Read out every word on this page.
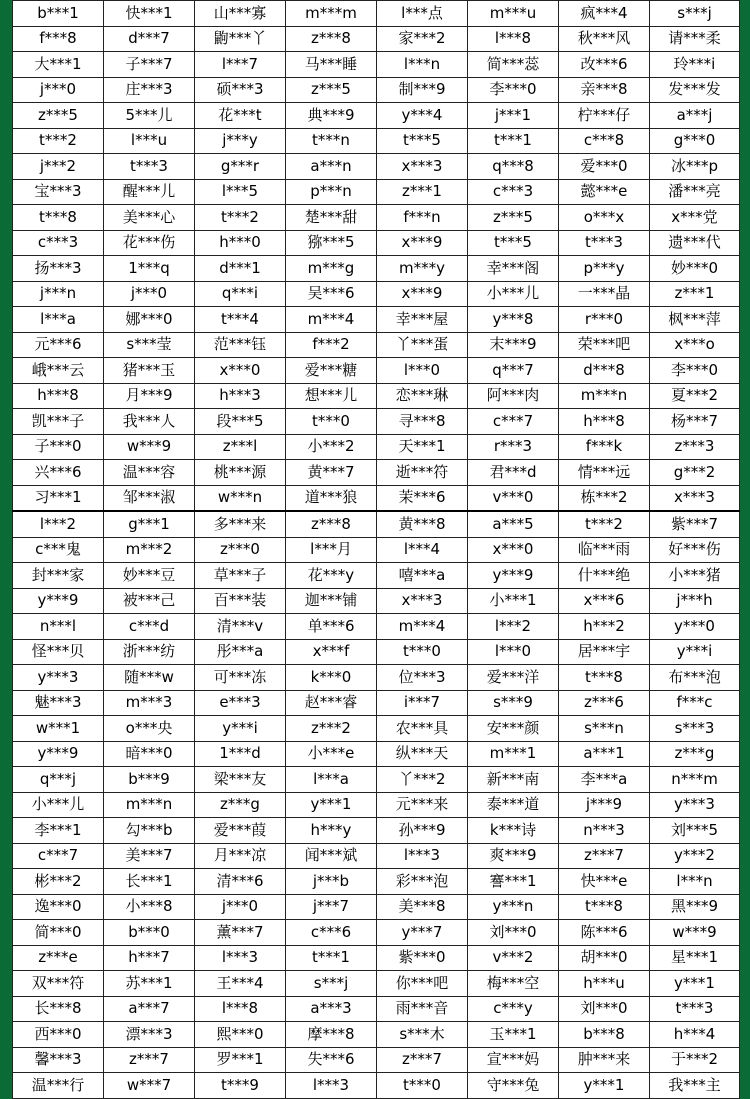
b***1	快***1	山***寡	m***m	l***点	m***u	疯***4	s***j
f***8	d***7	鼩***丫	z***8	家***2	l***8	秋***风	请***柔
大***1	子***7	l***7	马***睡	l***n	简***蕊	改***6	玲***i
j***0	庄***3	硕***3	z***5	制***9	李***0	亲***8	发***发
z***5	5***儿	花***t	典***9	y***4	j***1	柠***仔	a***j
t***2	l***u	j***y	t***n	t***5	t***1	c***8	g***0
j***2	t***3	g***r	a***n	x***3	q***8	爱***0	冰***p
宝***3	醒***儿	l***5	p***n	z***1	c***3	懿***e	潘***亮
t***8	美***心	t***2	楚***甜	f***n	z***5	o***x	x***党
c***3	花***伤	h***0	猕***5	x***9	t***5	t***3	遗***代
扬***3	1***q	d***1	m***g	m***y	幸***阁	p***y	妙***0
j***n	j***0	q***i	吴***6	x***9	小***儿	一***晶	z***1
l***a	娜***0	t***4	m***4	幸***屋	y***8	r***0	枫***萍
元***6	s***莹	范***钰	f***2	丫***蛋	末***9	荣***吧	x***o
峨***云	猪***玉	x***0	爱***糖	l***0	q***7	d***8	李***0
h***8	月***9	h***3	想***儿	恋***琳	阿***肉	m***n	夏***2
凯***子	我***人	段***5	t***0	寻***8	c***7	h***8	杨***7
子***0	w***9	z***l	小***2	天***1	r***3	f***k	z***3
兴***6	温***容	桃***源	黄***7	逝***符	君***d	情***远	g***2
习***1	邹***淑	w***n	道***狼	茉***6	v***0	栋***2	x***3
l***2	g***1	多***来	z***8	黄***8	a***5	t***2	紫***7
c***鬼	m***2	z***0	l***月	l***4	x***0	临***雨	好***伤
封***家	妙***豆	草***子	花***y	嘻***a	y***9	什***绝	小***猪
y***9	被***己	百***装	迦***铺	x***3	小***1	x***6	j***h
n***l	c***d	清***v	单***6	m***4	l***2	h***2	y***0
怪***贝	浙***纺	彤***a	x***f	t***0	l***0	居***宇	y***i
y***3	随***w	可***冻	k***0	位***3	爱***洋	t***8	布***泡
魅***3	m***3	e***3	赵***睿	i***7	s***9	z***6	f***c
w***1	o***央	y***i	z***2	农***具	安***颜	s***n	s***3
y***9	暗***0	1***d	小***e	纵***天	m***1	a***1	z***g
q***j	b***9	梁***友	l***a	丫***2	新***南	李***a	n***m
小***儿	m***n	z***g	y***1	元***来	泰***道	j***9	y***3
李***1	勾***b	爱***葭	h***y	孙***9	k***诗	n***3	刘***5
c***7	美***7	月***凉	闻***斌	l***3	爽***9	z***7	y***2
彬***2	长***1	清***6	j***b	彩***泡	謇***1	快***e	l***n
逸***0	小***8	j***0	j***7	美***8	y***n	t***8	黑***9
简***0	b***0	薰***7	c***6	y***7	刘***0	陈***6	w***9
z***e	h***7	l***3	t***1	紫***0	v***2	胡***0	星***1
双***符	苏***1	王***4	s***j	你***吧	梅***空	h***u	y***1
长***8	a***7	l***8	a***3	雨***音	c***y	刘***0	t***3
西***0	漂***3	熙***0	摩***8	s***木	玉***1	b***8	h***4
馨***3	z***7	罗***1	失***6	z***7	宣***妈	肿***来	于***2
温***行	w***7	t***9	l***3	t***0	守***兔	y***1	我***主
